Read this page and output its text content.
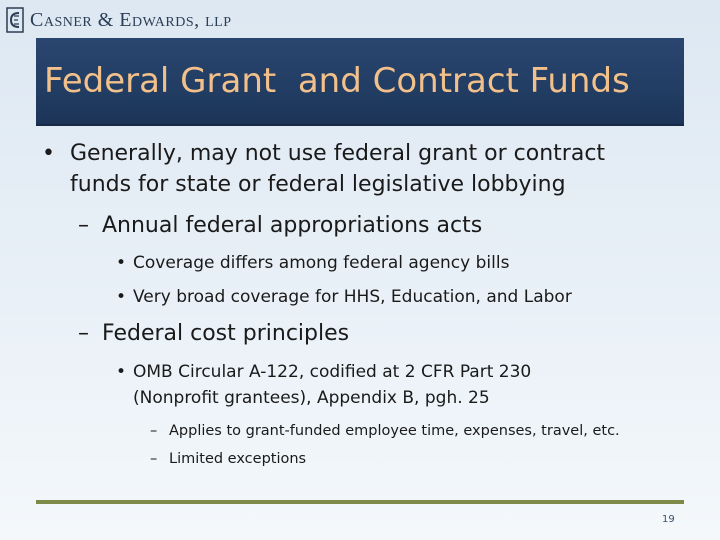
Casner & Edwards, llp
Federal Grant  and Contract Funds
• Generally, may not use federal grant or contract
funds for state or federal legislative lobbying
– Annual federal appropriations acts
• Coverage differs among federal agency bills
• Very broad coverage for HHS, Education, and Labor
– Federal cost principles
• OMB Circular A-122, codified at 2 CFR Part 230
(Nonprofit grantees), Appendix B, pgh. 25
– Applies to grant-funded employee time, expenses, travel, etc.
– Limited exceptions
19
